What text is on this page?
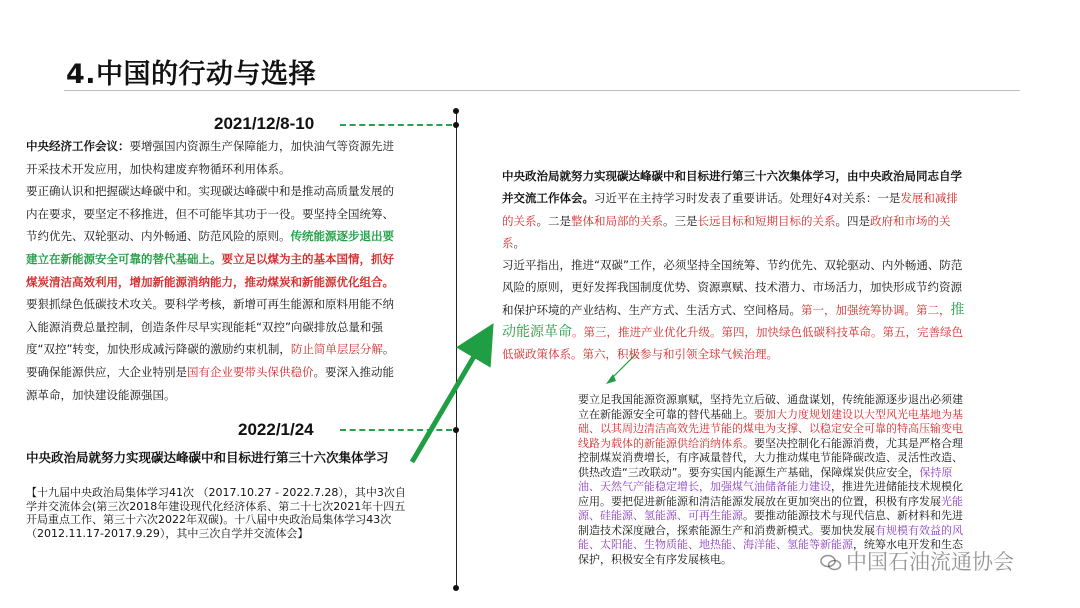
4.中国的行动与选择
2021/12/8-10
中央经济工作会议：要增强国内资源生产保障能力，加快油气等资源先进开采技术开发应用，加快构建废弃物循环利用体系。
要正确认识和把握碳达峰碳中和。实现碳达峰碳中和是推动高质量发展的内在要求，要坚定不移推进，但不可能毕其功于一役。要坚持全国统筹、节约优先、双轮驱动、内外畅通、防范风险的原则。传统能源逐步退出要建立在新能源安全可靠的替代基础上。要立足以煤为主的基本国情，抓好煤炭清洁高效利用，增加新能源消纳能力，推动煤炭和新能源优化组合。
要狠抓绿色低碳技术攻关。要科学考核，新增可再生能源和原料用能不纳入能源消费总量控制，创造条件尽早实现能耗“双控”向碳排放总量和强度“双控”转变，加快形成减污降碳的激励约束机制，防止简单层层分解。要确保能源供应，大企业特别是国有企业要带头保供稳价。要深入推动能源革命，加快建设能源强国。
2022/1/24
中央政治局就努力实现碳达峰碳中和目标进行第三十六次集体学习
【十九届中央政治局集体学习41次 （2017.10.27 - 2022.7.28），其中3次自学并交流体会(第三次2018年建设现代化经济体系、第二十七次2021年十四五开局重点工作、第三十六次2022年双碳)。十八届中央政治局集体学习43次 （2012.11.17-2017.9.29），其中三次自学并交流体会】
中央政治局就努力实现碳达峰碳中和目标进行第三十六次集体学习，由中央政治局同志自学并交流工作体会。习近平在主持学习时发表了重要讲话。处理好4对关系：一是发展和减排的关系。二是整体和局部的关系。三是长远目标和短期目标的关系。四是政府和市场的关系。
习近平指出，推进“双碳”工作，必须坚持全国统筹、节约优先、双轮驱动、内外畅通、防范风险的原则，更好发挥我国制度优势、资源禀赋、技术潜力、市场活力，加快形成节约资源和保护环境的产业结构、生产方式、生活方式、空间格局。第一，加强统筹协调。第二，推动能源革命。第三，推进产业优化升级。第四，加快绿色低碳科技革命。第五，完善绿色低碳政策体系。第六，积极参与和引领全球气候治理。
要立足我国能源资源禀赋，坚持先立后破、通盘谋划，传统能源逐步退出必须建立在新能源安全可靠的替代基础上。要加大力度规划建设以大型风光电基地为基础、以其周边清洁高效先进节能的煤电为支撑、以稳定安全可靠的特高压输变电线路为载体的新能源供给消纳体系。要坚决控制化石能源消费，尤其是严格合理控制煤炭消费增长，有序减量替代，大力推动煤电节能降碳改造、灵活性改造、供热改造“三改联动”。要夯实国内能源生产基础，保障煤炭供应安全，保持原油、天然气产能稳定增长，加强煤气油储备能力建设，推进先进储能技术规模化应用。要把促进新能源和清洁能源发展放在更加突出的位置，积极有序发展光能源、硅能源、氢能源、可再生能源。要推动能源技术与现代信息、新材料和先进制造技术深度融合，探索能源生产和消费新模式。要加快发展有规模有效益的风能、太阳能、生物质能、地热能、海洋能、氢能等新能源，统筹水电开发和生态保护，积极安全有序发展核电。	中国石油流通协会
